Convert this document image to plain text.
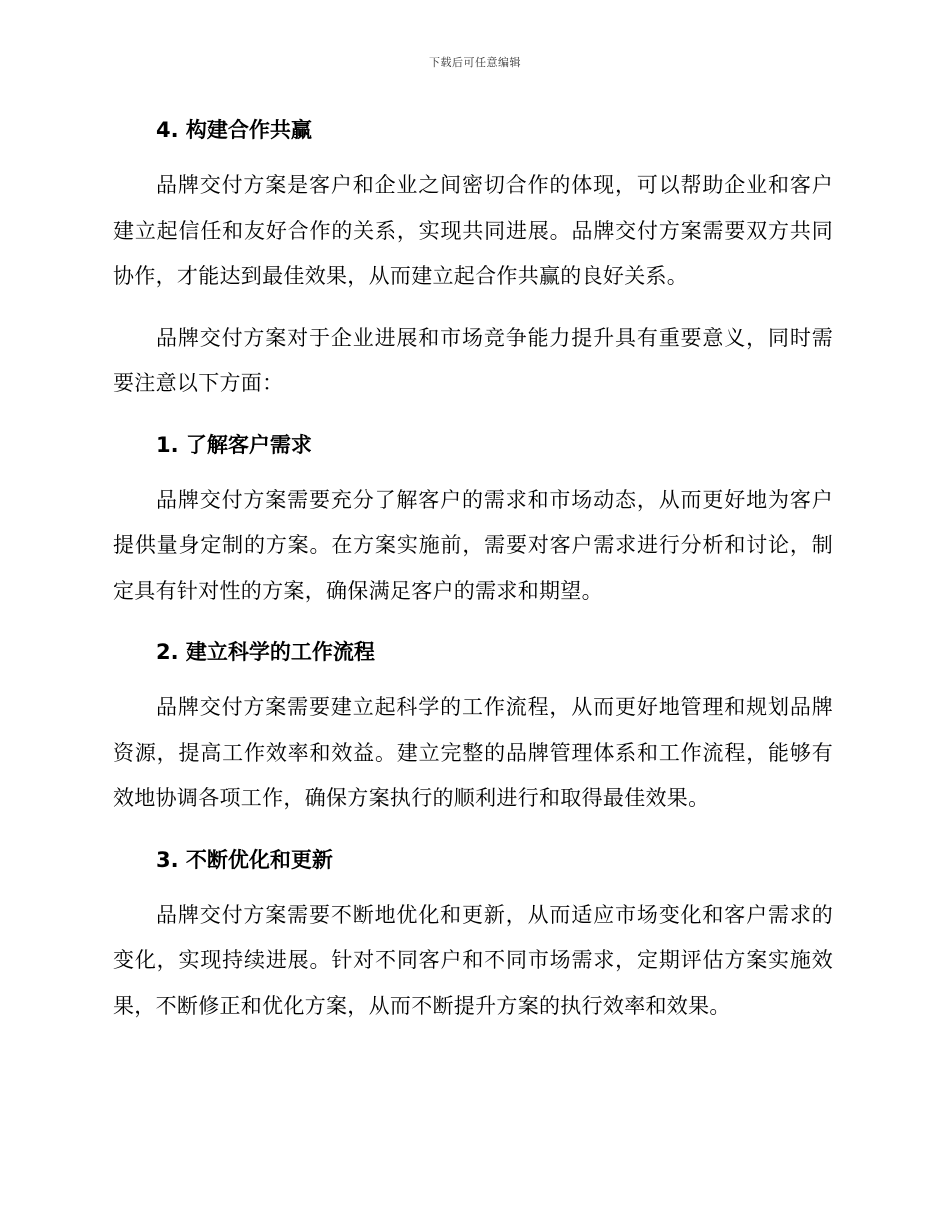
下载后可任意编辑
4. 构建合作共赢

品牌交付方案是客户和企业之间密切合作的体现，可以帮助企业和客户建立起信任和友好合作的关系，实现共同进展。品牌交付方案需要双方共同协作，才能达到最佳效果，从而建立起合作共赢的良好关系。

品牌交付方案对于企业进展和市场竞争能力提升具有重要意义，同时需要注意以下方面：

1. 了解客户需求

品牌交付方案需要充分了解客户的需求和市场动态，从而更好地为客户提供量身定制的方案。在方案实施前，需要对客户需求进行分析和讨论，制定具有针对性的方案，确保满足客户的需求和期望。

2. 建立科学的工作流程

品牌交付方案需要建立起科学的工作流程，从而更好地管理和规划品牌资源，提高工作效率和效益。建立完整的品牌管理体系和工作流程，能够有效地协调各项工作，确保方案执行的顺利进行和取得最佳效果。

3. 不断优化和更新

品牌交付方案需要不断地优化和更新，从而适应市场变化和客户需求的变化，实现持续进展。针对不同客户和不同市场需求，定期评估方案实施效果，不断修正和优化方案，从而不断提升方案的执行效率和效果。
